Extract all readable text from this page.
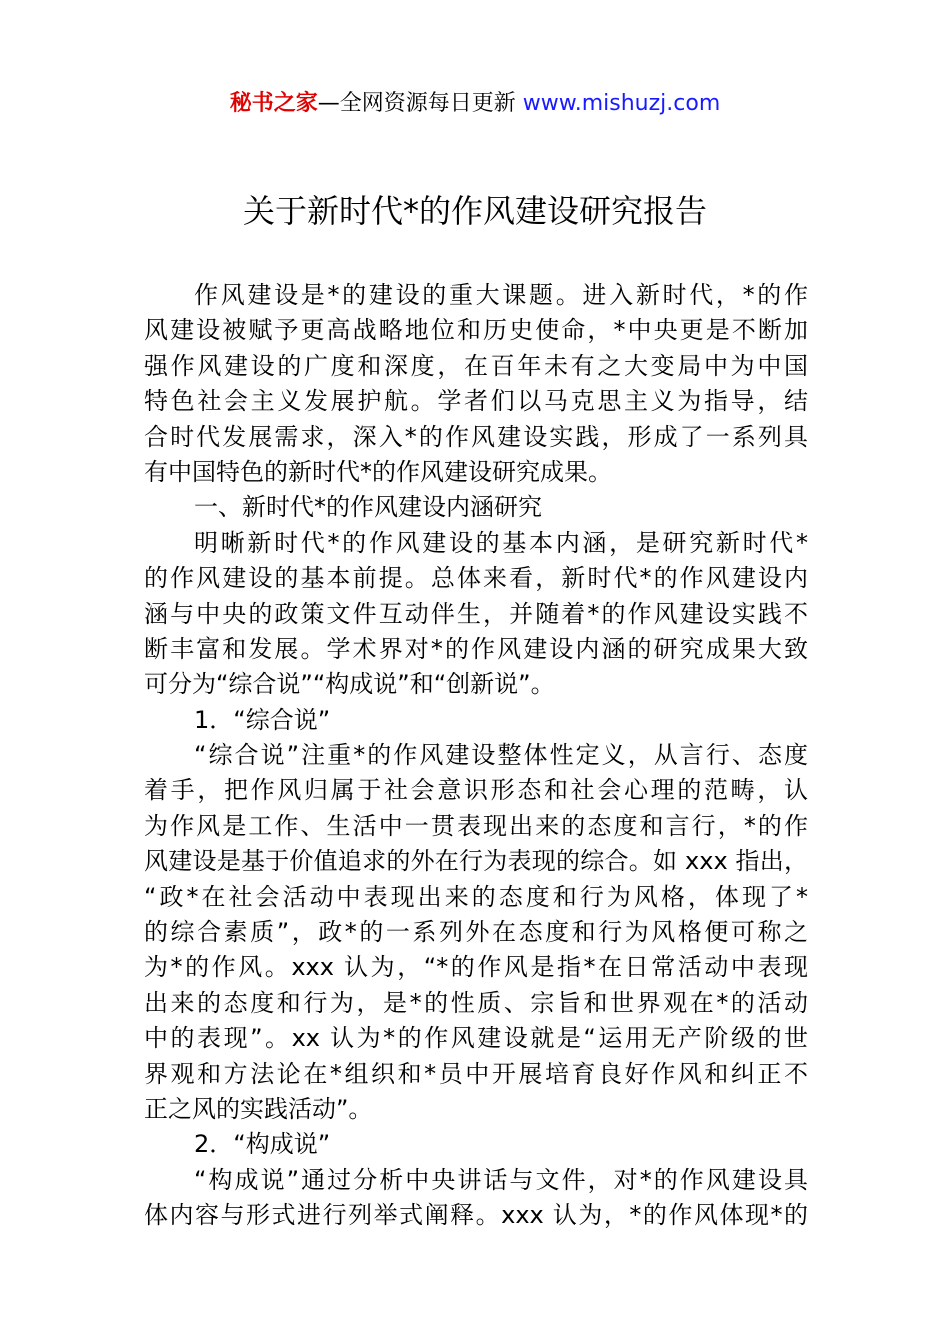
秘书之家—全网资源每日更新 www.mishuzj.com
关于新时代*的作风建设研究报告
作风建设是*的建设的重大课题。进入新时代，*的作
风建设被赋予更高战略地位和历史使命，*中央更是不断加
强作风建设的广度和深度，在百年未有之大变局中为中国
特色社会主义发展护航。学者们以马克思主义为指导，结
合时代发展需求，深入*的作风建设实践，形成了一系列具
有中国特色的新时代*的作风建设研究成果。
一、新时代*的作风建设内涵研究
明晰新时代*的作风建设的基本内涵，是研究新时代*
的作风建设的基本前提。总体来看，新时代*的作风建设内
涵与中央的政策文件互动伴生，并随着*的作风建设实践不
断丰富和发展。学术界对*的作风建设内涵的研究成果大致
可分为“综合说”“构成说”和“创新说”。
1．“综合说”
“综合说”注重*的作风建设整体性定义，从言行、态度
着手，把作风归属于社会意识形态和社会心理的范畴，认
为作风是工作、生活中一贯表现出来的态度和言行，*的作
风建设是基于价值追求的外在行为表现的综合。如 xxx 指出，
“政*在社会活动中表现出来的态度和行为风格，体现了*
的综合素质”，政*的一系列外在态度和行为风格便可称之
为*的作风。xxx 认为，“*的作风是指*在日常活动中表现
出来的态度和行为，是*的性质、宗旨和世界观在*的活动
中的表现”。xx 认为*的作风建设就是“运用无产阶级的世
界观和方法论在*组织和*员中开展培育良好作风和纠正不
正之风的实践活动”。
2．“构成说”
“构成说”通过分析中央讲话与文件，对*的作风建设具
体内容与形式进行列举式阐释。xxx 认为，*的作风体现*的
